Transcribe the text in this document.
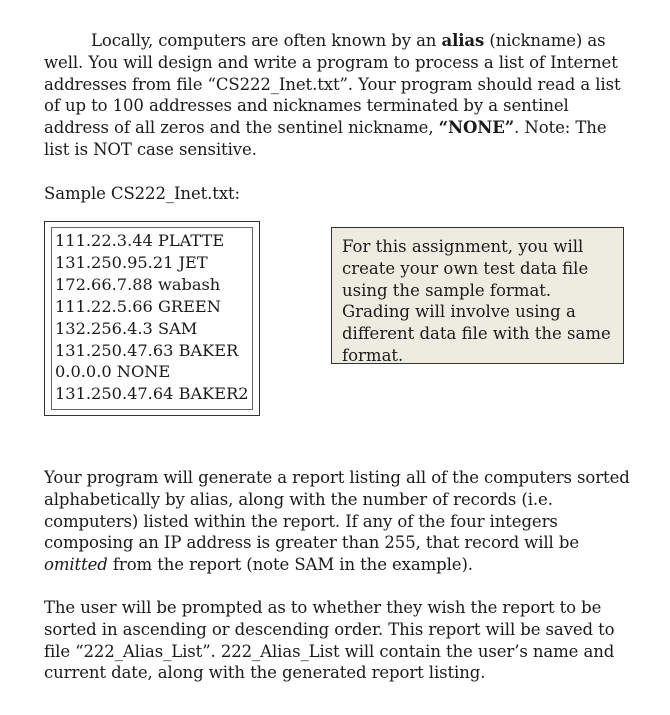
Locally, computers are often known by an alias (nickname) as well. You will design and write a program to process a list of Internet addresses from file “CS222_Inet.txt”. Your program should read a list of up to 100 addresses and nicknames terminated by a sentinel address of all zeros and the sentinel nickname, “NONE”. Note: The list is NOT case sensitive.

Sample CS222_Inet.txt:

111.22.3.44 PLATTE
131.250.95.21 JET
172.66.7.88 wabash
111.22.5.66 GREEN
132.256.4.3 SAM
131.250.47.63 BAKER
0.0.0.0 NONE
131.250.47.64 BAKER2
For this assignment, you will create your own test data file using the sample format. Grading will involve using a different data file with the same format.

Your program will generate a report listing all of the computers sorted alphabetically by alias, along with the number of records (i.e. computers) listed within the report. If any of the four integers composing an IP address is greater than 255, that record will be omitted from the report (note SAM in the example).

The user will be prompted as to whether they wish the report to be sorted in ascending or descending order. This report will be saved to file “222_Alias_List”. 222_Alias_List will contain the user’s name and current date, along with the generated report listing.
